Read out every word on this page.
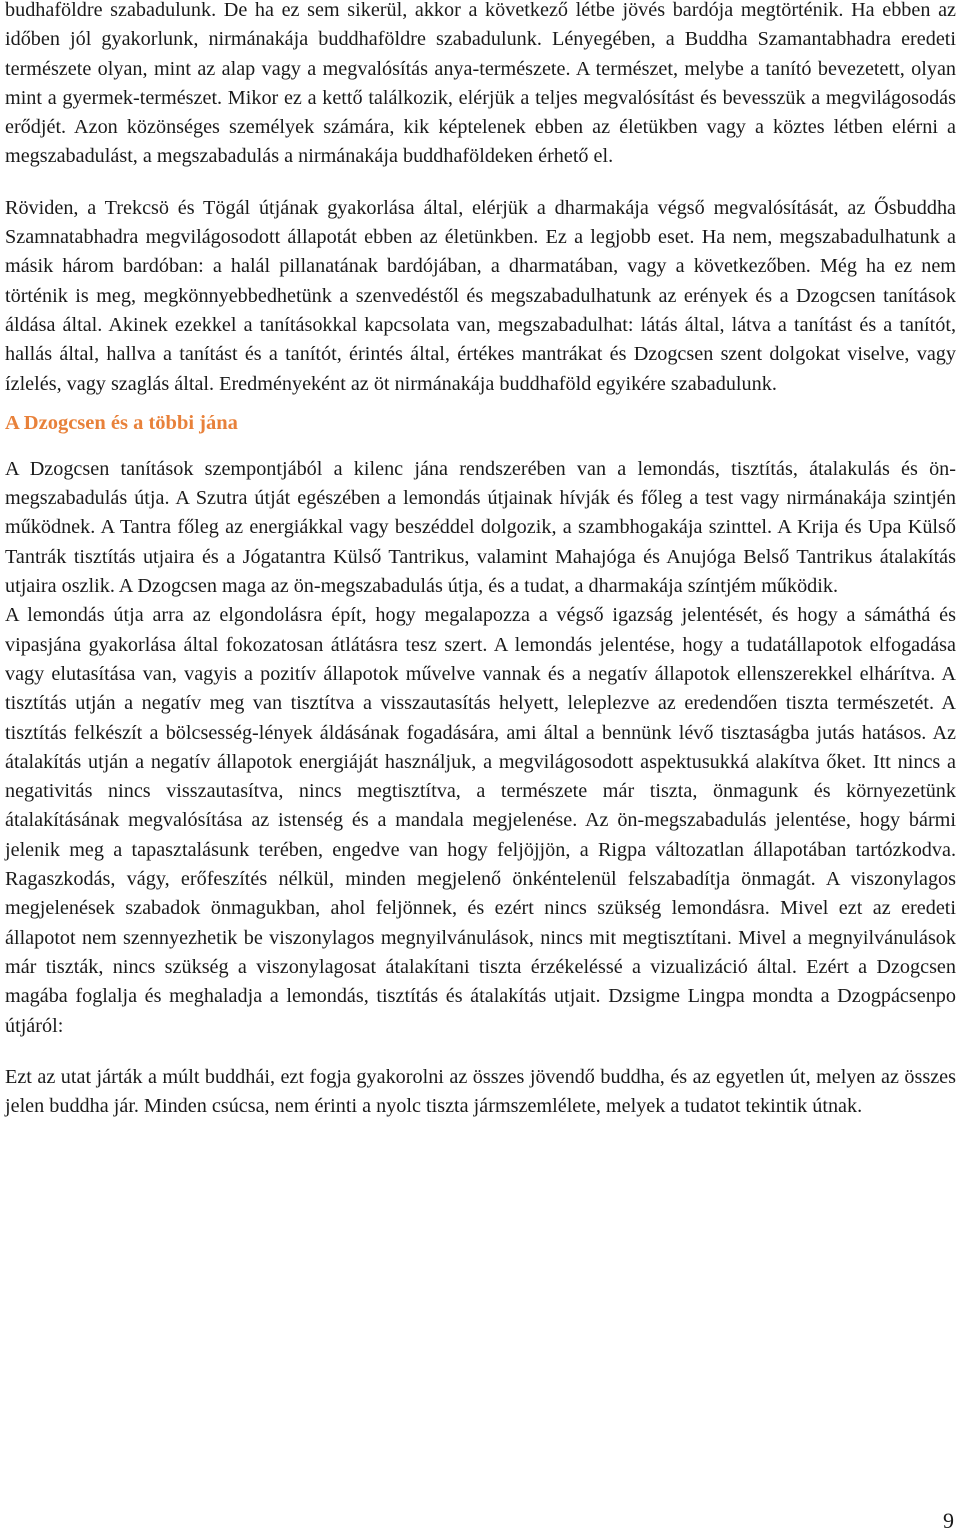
budhaföldre szabadulunk. De ha ez sem sikerül, akkor a következő létbe jövés bardója megtörténik. Ha ebben az időben jól gyakorlunk, nirmánakája buddhaföldre szabadulunk. Lényegében, a Buddha Szamantabhadra eredeti természete olyan, mint az alap vagy a megvalósítás anya-természete. A természet, melybe a tanító bevezetett, olyan mint a gyermek-természet. Mikor ez a kettő találkozik, elérjük a teljes megvalósítást és bevesszük a megvilágosodás erődjét. Azon közönséges személyek számára, kik képtelenek ebben az életükben vagy a köztes létben elérni a megszabadulást, a megszabadulás a nirmánakája buddhaföldeken érhető el.

Röviden, a Trekcsö és Tögál útjának gyakorlása által, elérjük a dharmakája végső megvalósítását, az Ősbuddha Szamnatabhadra megvilágosodott állapotát ebben az életünkben. Ez a legjobb eset. Ha nem, megszabadulhatunk a másik három bardóban: a halál pillanatának bardójában, a dharmatában, vagy a következőben. Még ha ez nem történik is meg, megkönnyebbedhetünk a szenvedéstől és megszabadulhatunk az erények és a Dzogcsen tanítások áldása által. Akinek ezekkel a tanításokkal kapcsolata van, megszabadulhat: látás által, látva a tanítást és a tanítót, hallás által, hallva a tanítást és a tanítót, érintés által, értékes mantrákat és Dzogcsen szent dolgokat viselve, vagy ízlelés, vagy szaglás által. Eredményeként az öt nirmánakája buddhaföld egyikére szabadulunk.

A Dzogcsen és a többi jána

A Dzogcsen tanítások szempontjából a kilenc jána rendszerében van a lemondás, tisztítás, átalakulás és ön-megszabadulás útja. A Szutra útját egészében a lemondás útjainak hívják és főleg a test vagy nirmánakája szintjén működnek. A Tantra főleg az energiákkal vagy beszéddel dolgozik, a szambhogakája szinttel. A Krija és Upa Külső Tantrák tisztítás utjaira és a Jógatantra Külső Tantrikus, valamint Mahajóga és Anujóga Belső Tantrikus átalakítás utjaira oszlik. A Dzogcsen maga az ön-megszabadulás útja, és a tudat, a dharmakája színtjém működik.

A lemondás útja arra az elgondolásra épít, hogy megalapozza a végső igazság jelentését, és hogy a sámáthá és vipasjána gyakorlása által fokozatosan átlátásra tesz szert. A lemondás jelentése, hogy a tudatállapotok elfogadása vagy elutasítása van, vagyis a pozitív állapotok művelve vannak és a negatív állapotok ellenszerekkel elhárítva. A tisztítás utján a negatív meg van tisztítva a visszautasítás helyett, leleplezve az eredendően tiszta természetét. A tisztítás felkészít a bölcsesség-lények áldásának fogadására, ami által a bennünk lévő tisztaságba jutás hatásos. Az átalakítás utján a negatív állapotok energiáját használjuk, a megvilágosodott aspektusukká alakítva őket. Itt nincs a negativitás nincs visszautasítva, nincs megtisztítva, a természete már tiszta, önmagunk és környezetünk átalakításának megvalósítása az istenség és a mandala megjelenése. Az ön-megszabadulás jelentése, hogy bármi jelenik meg a tapasztalásunk terében, engedve van hogy feljöjjön, a Rigpa változatlan állapotában tartózkodva. Ragaszkodás, vágy, erőfeszítés nélkül, minden megjelenő önkéntelenül felszabadítja önmagát. A viszonylagos megjelenések szabadok önmagukban, ahol feljönnek, és ezért nincs szükség lemondásra. Mivel ezt az eredeti állapotot nem szennyezhetik be viszonylagos megnyilvánulások, nincs mit megtisztítani. Mivel a megnyilvánulások már tiszták, nincs szükség a viszonylagosat átalakítani tiszta érzékeléssé a vizualizáció által. Ezért a Dzogcsen magába foglalja és meghaladja a lemondás, tisztítás és átalakítás utjait. Dzsigme Lingpa mondta a Dzogpácsenpo útjáról:

Ezt az utat járták a múlt buddhái, ezt fogja gyakorolni az összes jövendő buddha, és az egyetlen út, melyen az összes jelen buddha jár. Minden csúcsa, nem érinti a nyolc tiszta jármszemlélete, melyek a tudatot tekintik útnak.

9
